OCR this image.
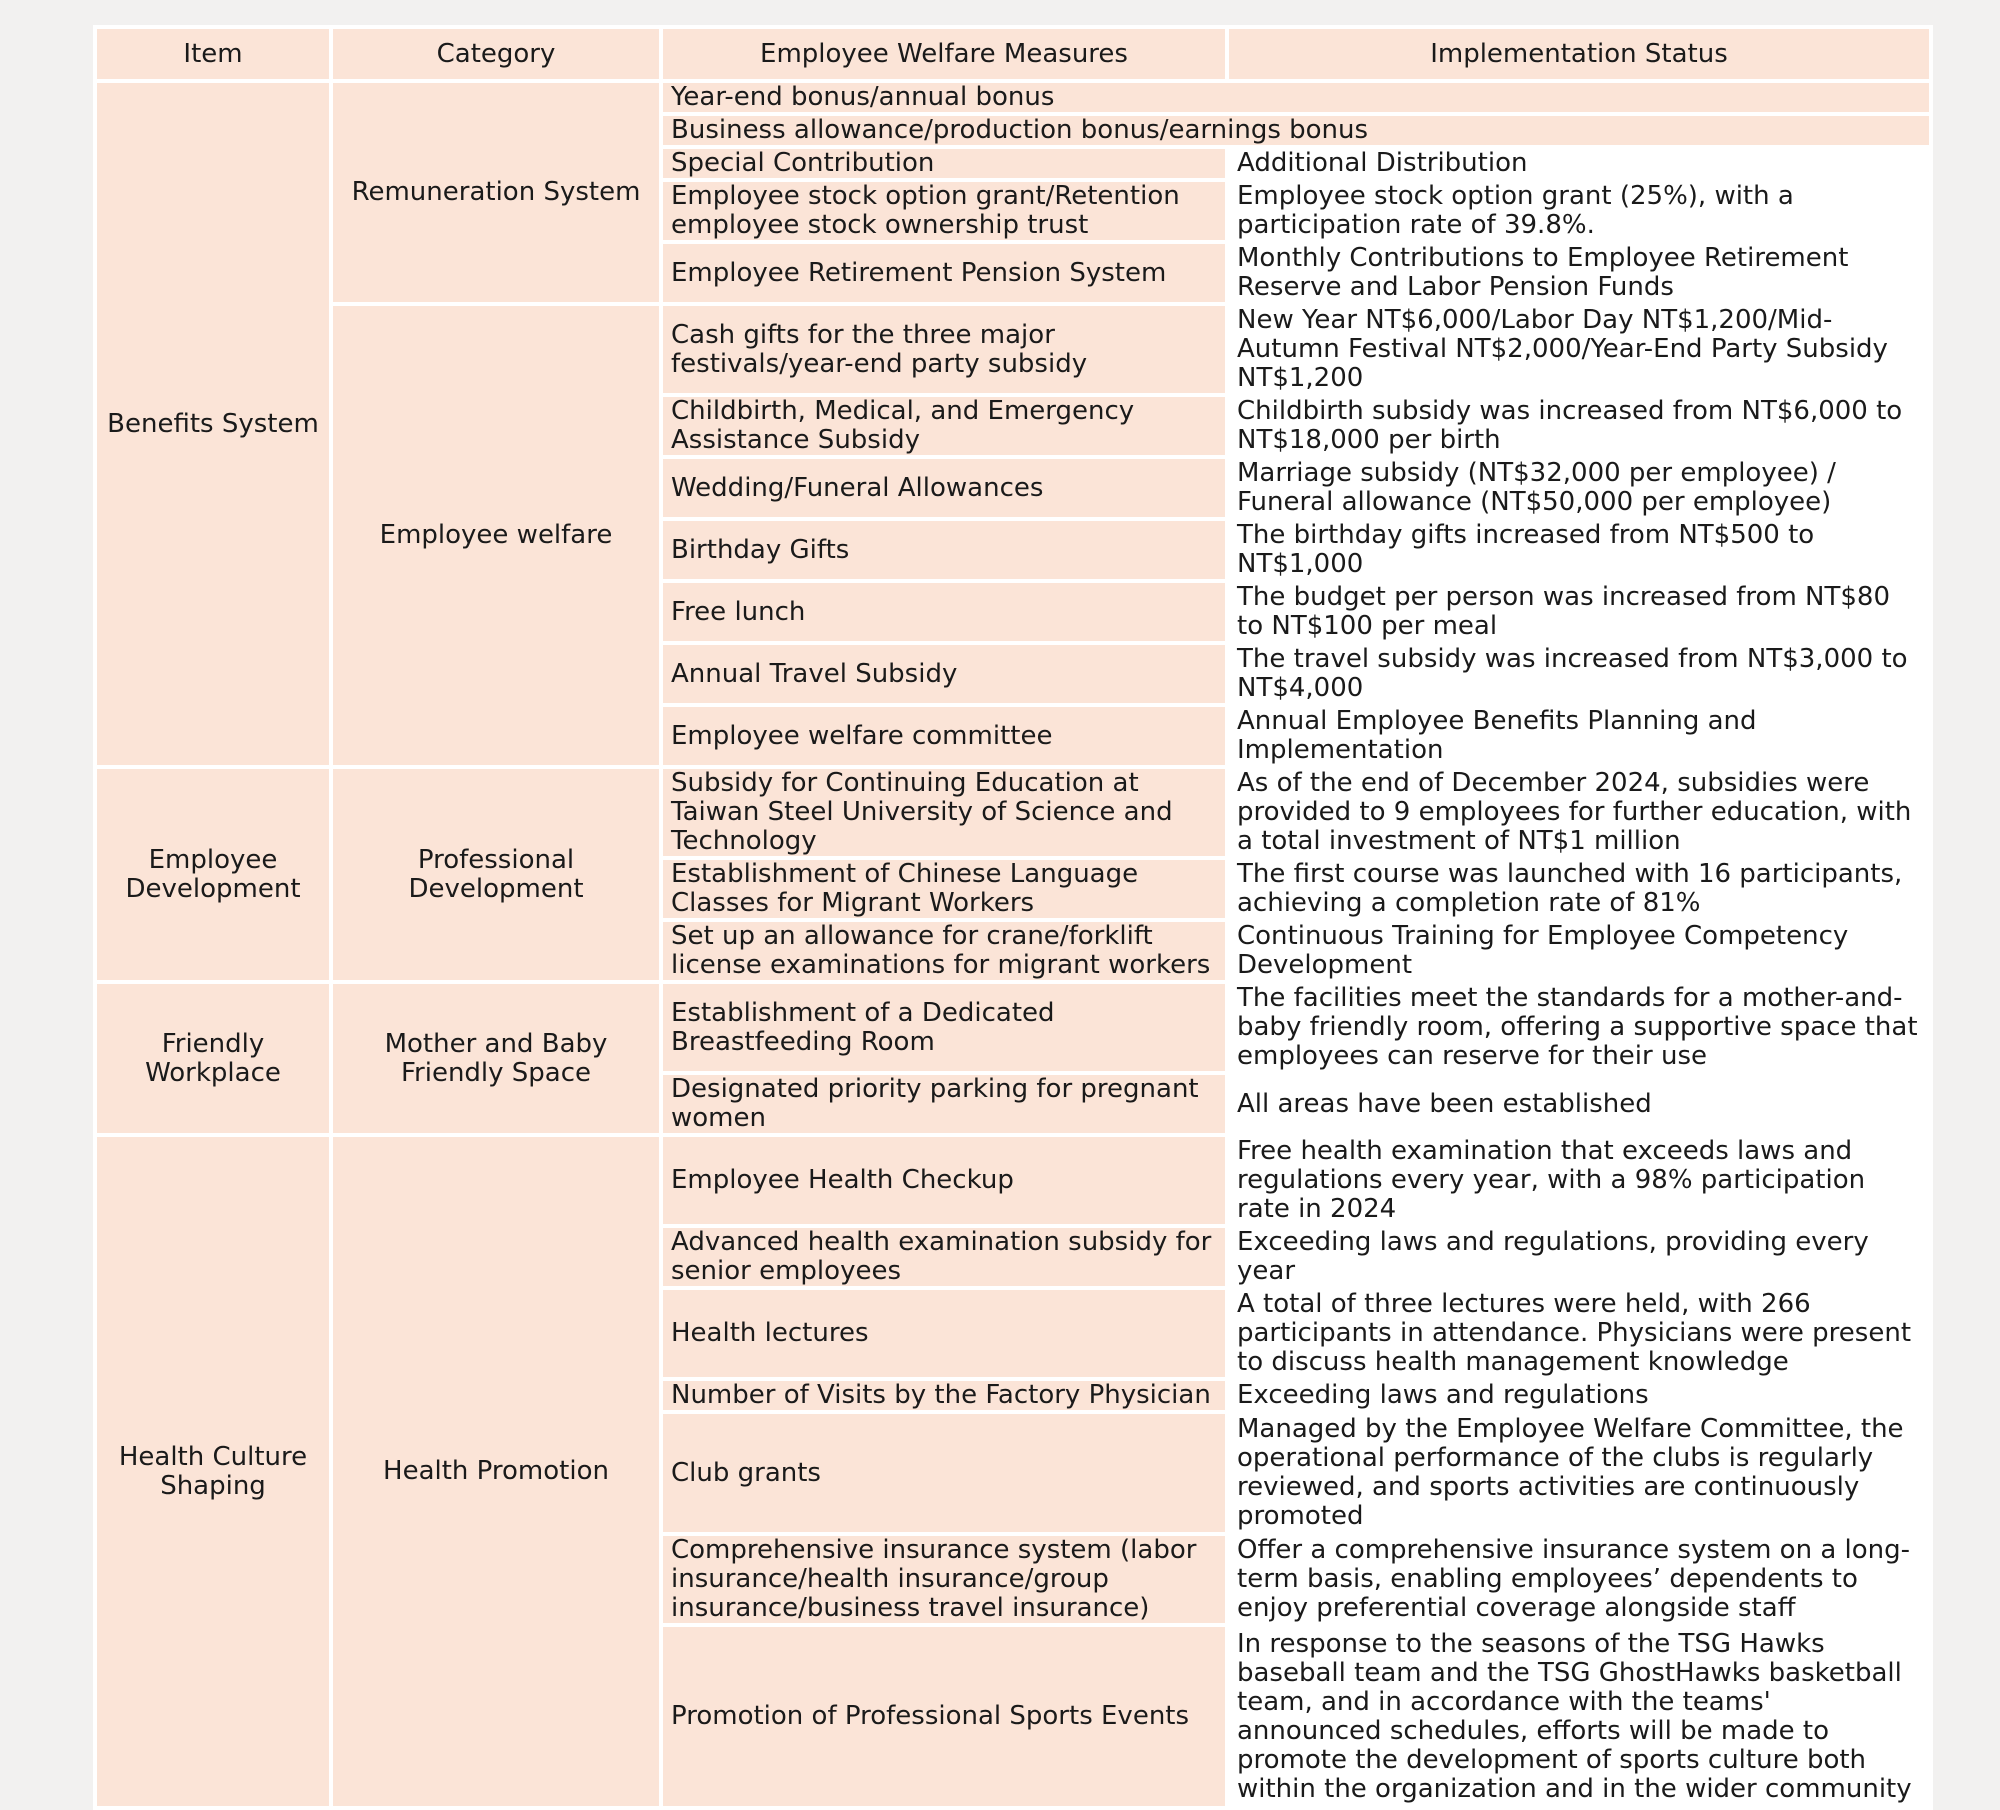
Item	Category	Employee Welfare Measures	Implementation Status
Benefits System	Remuneration System	Year-end bonus/annual bonus	
		Business allowance/production bonus/earnings bonus	
		Special Contribution	Additional Distribution
		Employee stock option grant/Retention employee stock ownership trust	Employee stock option grant (25%), with a participation rate of 39.8%.
		Employee Retirement Pension System	Monthly Contributions to Employee Retirement Reserve and Labor Pension Funds
	Employee welfare	Cash gifts for the three major festivals/year-end party subsidy	New Year NT$6,000/Labor Day NT$1,200/Mid-Autumn Festival NT$2,000/Year-End Party Subsidy NT$1,200
		Childbirth, Medical, and Emergency Assistance Subsidy	Childbirth subsidy was increased from NT$6,000 to NT$18,000 per birth
		Wedding/Funeral Allowances	Marriage subsidy (NT$32,000 per employee) / Funeral allowance (NT$50,000 per employee)
		Birthday Gifts	The birthday gifts increased from NT$500 to NT$1,000
		Free lunch	The budget per person was increased from NT$80 to NT$100 per meal
		Annual Travel Subsidy	The travel subsidy was increased from NT$3,000 to NT$4,000
		Employee welfare committee	Annual Employee Benefits Planning and Implementation
Employee Development	Professional Development	Subsidy for Continuing Education at Taiwan Steel University of Science and Technology	As of the end of December 2024, subsidies were provided to 9 employees for further education, with a total investment of NT$1 million
		Establishment of Chinese Language Classes for Migrant Workers	The first course was launched with 16 participants, achieving a completion rate of 81%
		Set up an allowance for crane/forklift license examinations for migrant workers	Continuous Training for Employee Competency Development
Friendly Workplace	Mother and Baby Friendly Space	Establishment of a Dedicated Breastfeeding Room	The facilities meet the standards for a mother-and-baby friendly room, offering a supportive space that employees can reserve for their use
		Designated priority parking for pregnant women	All areas have been established
Health Culture Shaping	Health Promotion	Employee Health Checkup	Free health examination that exceeds laws and regulations every year, with a 98% participation rate in 2024
		Advanced health examination subsidy for senior employees	Exceeding laws and regulations, providing every year
		Health lectures	A total of three lectures were held, with 266 participants in attendance. Physicians were present to discuss health management knowledge
		Number of Visits by the Factory Physician	Exceeding laws and regulations
		Club grants	Managed by the Employee Welfare Committee, the operational performance of the clubs is regularly reviewed, and sports activities are continuously promoted
		Comprehensive insurance system (labor insurance/health insurance/group insurance/business travel insurance)	Offer a comprehensive insurance system on a long-term basis, enabling employees’ dependents to enjoy preferential coverage alongside staff
		Promotion of Professional Sports Events	In response to the seasons of the TSG Hawks baseball team and the TSG GhostHawks basketball team, and in accordance with the teams' announced schedules, efforts will be made to promote the development of sports culture both within the organization and in the wider community
